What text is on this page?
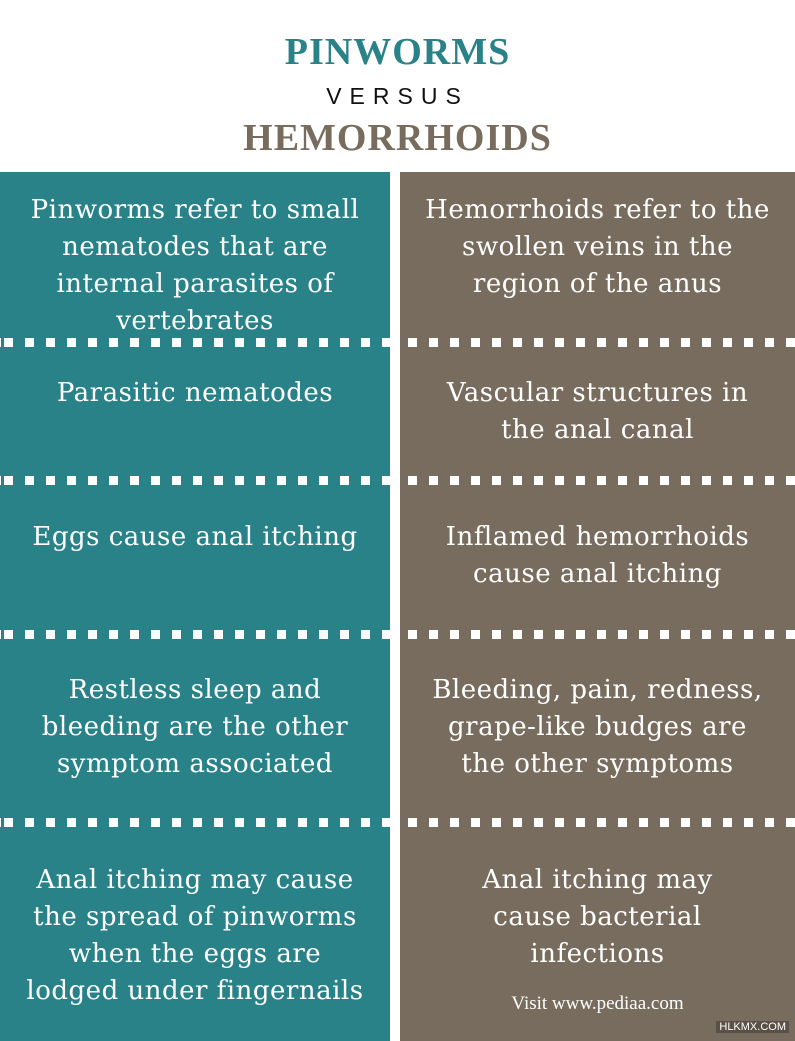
PINWORMS
VERSUS
HEMORRHOIDS
Pinworms refer to small nematodes that are internal parasites of vertebrates
Parasitic nematodes
Eggs cause anal itching
Restless sleep and bleeding are the other symptom associated
Anal itching may cause the spread of pinworms when the eggs are lodged under fingernails
Hemorrhoids refer to the swollen veins in the region of the anus
Vascular structures in the anal canal
Inflamed hemorrhoids cause anal itching
Bleeding, pain, redness, grape-like budges are the other symptoms
Anal itching may cause bacterial infections
Visit www.pediaa.com
HLKMX.COM
